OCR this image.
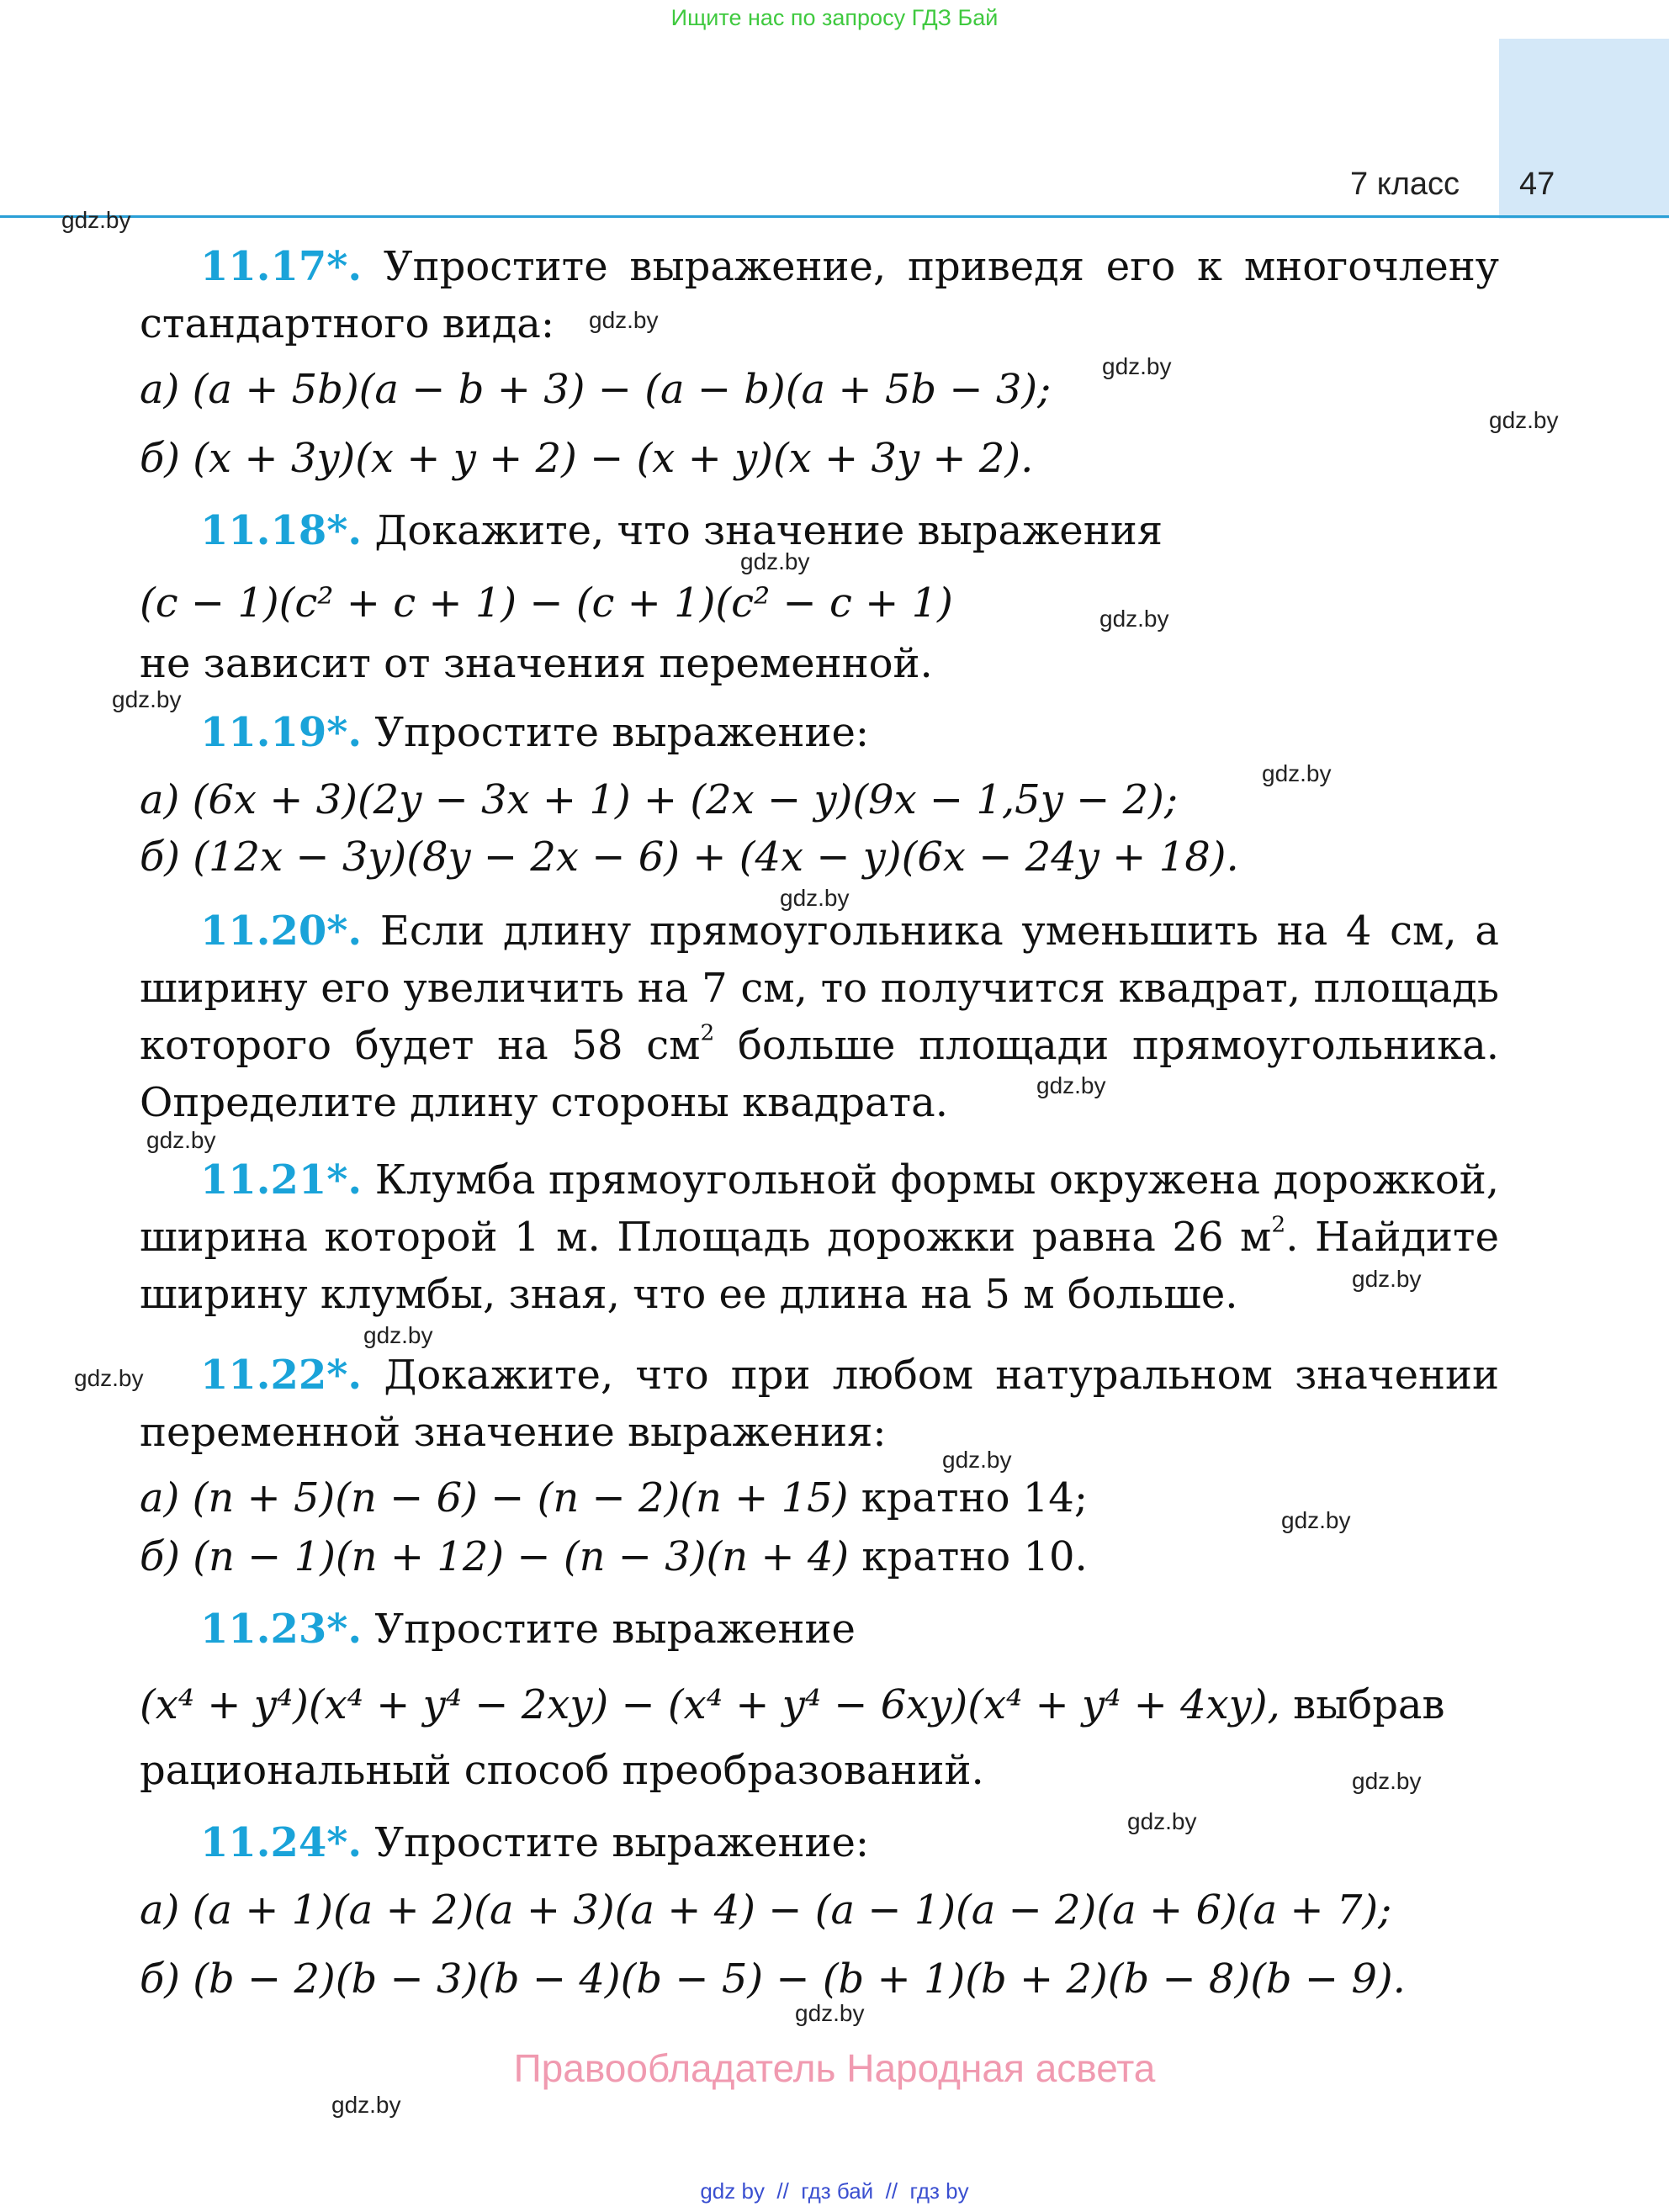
Ищите нас по запросу ГДЗ Бай
7 класс 47
gdz.by
gdz.by
gdz.by
gdz.by
gdz.by
gdz.by
gdz.by
gdz.by
gdz.by
gdz.by
gdz.by
gdz.by
gdz.by
gdz.by
gdz.by
gdz.by
gdz.by
gdz.by
gdz.by
gdz.by
11.17*. Упростите выражение, приведя его к многочлену
стандартного вида:
а) (a + 5b)(a − b + 3) − (a − b)(a + 5b − 3);
б) (x + 3y)(x + y + 2) − (x + y)(x + 3y + 2).
11.18*. Докажите, что значение выражения
(c − 1)(c² + c + 1) − (c + 1)(c² − c + 1)
не зависит от значения переменной.
11.19*. Упростите выражение:
а) (6x + 3)(2y − 3x + 1) + (2x − y)(9x − 1,5y − 2);
б) (12x − 3y)(8y − 2x − 6) + (4x − y)(6x − 24y + 18).
11.20*. Если длину прямоугольника уменьшить на 4 см, а
ширину его увеличить на 7 см, то получится квадрат, площадь
которого будет на 58 $см^2$ больше площади прямоугольника.
Определите длину стороны квадрата.
11.21*. Клумба прямоугольной формы окружена дорожкой,
ширина которой 1 м. Площадь дорожки равна 26 $м^2$. Найдите
ширину клумбы, зная, что ее длина на 5 м больше.
11.22*. Докажите, что при любом натуральном значении
переменной значение выражения:
а) (n + 5)(n − 6) − (n − 2)(n + 15) кратно 14;
б) (n − 1)(n + 12) − (n − 3)(n + 4) кратно 10.
11.23*. Упростите выражение
(x⁴ + y⁴)(x⁴ + y⁴ − 2xy) − (x⁴ + y⁴ − 6xy)(x⁴ + y⁴ + 4xy), выбрав
рациональный способ преобразований.
11.24*. Упростите выражение:
а) (a + 1)(a + 2)(a + 3)(a + 4) − (a − 1)(a − 2)(a + 6)(a + 7);
б) (b − 2)(b − 3)(b − 4)(b − 5) − (b + 1)(b + 2)(b − 8)(b − 9).
Правообладатель Народная асвета
gdz by  //  гдз бай  //  гдз by
